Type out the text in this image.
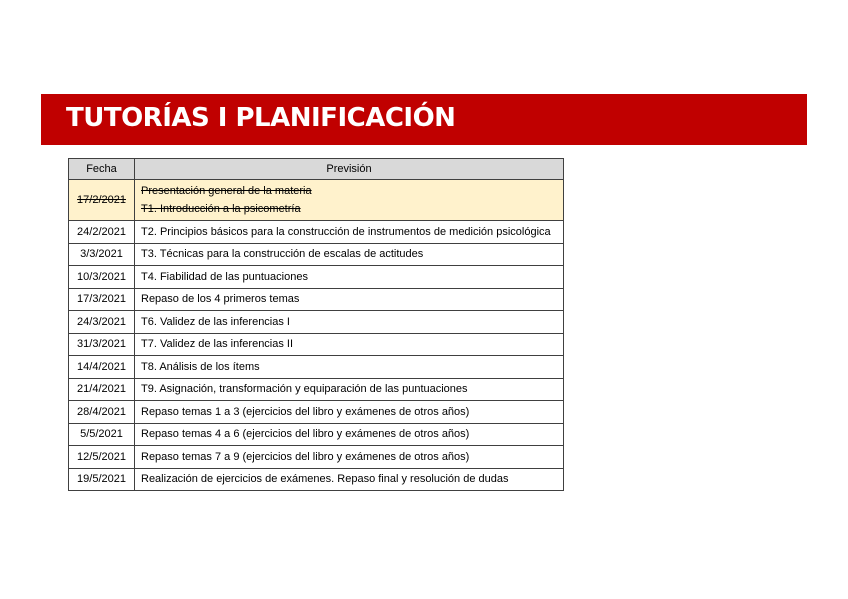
TUTORÍAS I PLANIFICACIÓN
Fecha	Previsión
17/2/2021	Presentación general de la materia
T1. Introducción a la psicometría

24/2/2021	T2. Principios básicos para la construcción de instrumentos de medición psicológica

3/3/2021	T3. Técnicas para la construcción de escalas de actitudes

10/3/2021	T4. Fiabilidad de las puntuaciones

17/3/2021	Repaso de los 4 primeros temas

24/3/2021	T6. Validez de las inferencias I

31/3/2021	T7. Validez de las inferencias II

14/4/2021	T8. Análisis de los ítems

21/4/2021	T9. Asignación, transformación y equiparación de las puntuaciones

28/4/2021	Repaso temas 1 a 3 (ejercicios del libro y exámenes de otros años)

5/5/2021	Repaso temas 4 a 6 (ejercicios del libro y exámenes de otros años)

12/5/2021	Repaso temas 7 a 9 (ejercicios del libro y exámenes de otros años)

19/5/2021	Realización de ejercicios de exámenes. Repaso final y resolución de dudas
